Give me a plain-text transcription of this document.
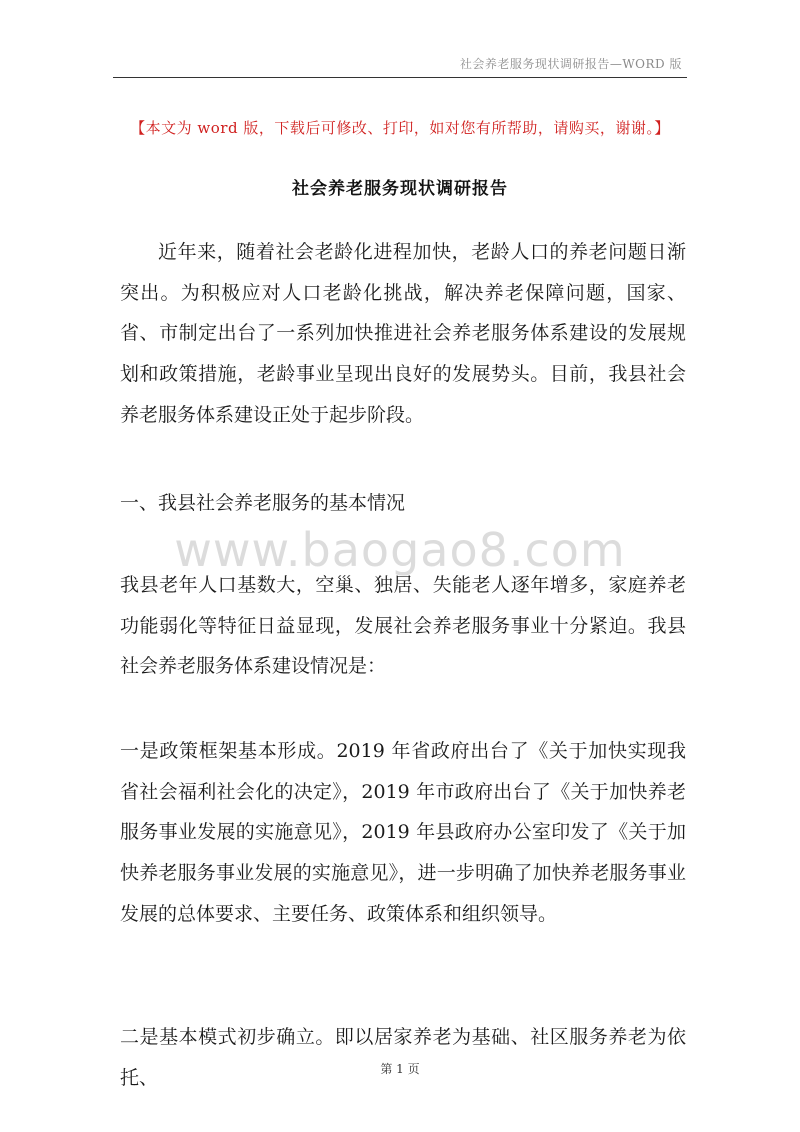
社会养老服务现状调研报告—WORD 版
【本文为 word 版，下载后可修改、打印，如对您有所帮助，请购买，谢谢。】
社会养老服务现状调研报告

近年来，随着社会老龄化进程加快，老龄人口的养老问题日渐突出。为积极应对人口老龄化挑战，解决养老保障问题，国家、省、市制定出台了一系列加快推进社会养老服务体系建设的发展规划和政策措施，老龄事业呈现出良好的发展势头。目前，我县社会养老服务体系建设正处于起步阶段。

一、我县社会养老服务的基本情况

www.baogao8.com

我县老年人口基数大，空巢、独居、失能老人逐年增多，家庭养老功能弱化等特征日益显现，发展社会养老服务事业十分紧迫。我县社会养老服务体系建设情况是：

一是政策框架基本形成。2019 年省政府出台了《关于加快实现我省社会福利社会化的决定》，2019 年市政府出台了《关于加快养老服务事业发展的实施意见》，2019 年县政府办公室印发了《关于加快养老服务事业发展的实施意见》，进一步明确了加快养老服务事业发展的总体要求、主要任务、政策体系和组织领导。

二是基本模式初步确立。即以居家养老为基础、社区服务养老为依托、	第 1 页
